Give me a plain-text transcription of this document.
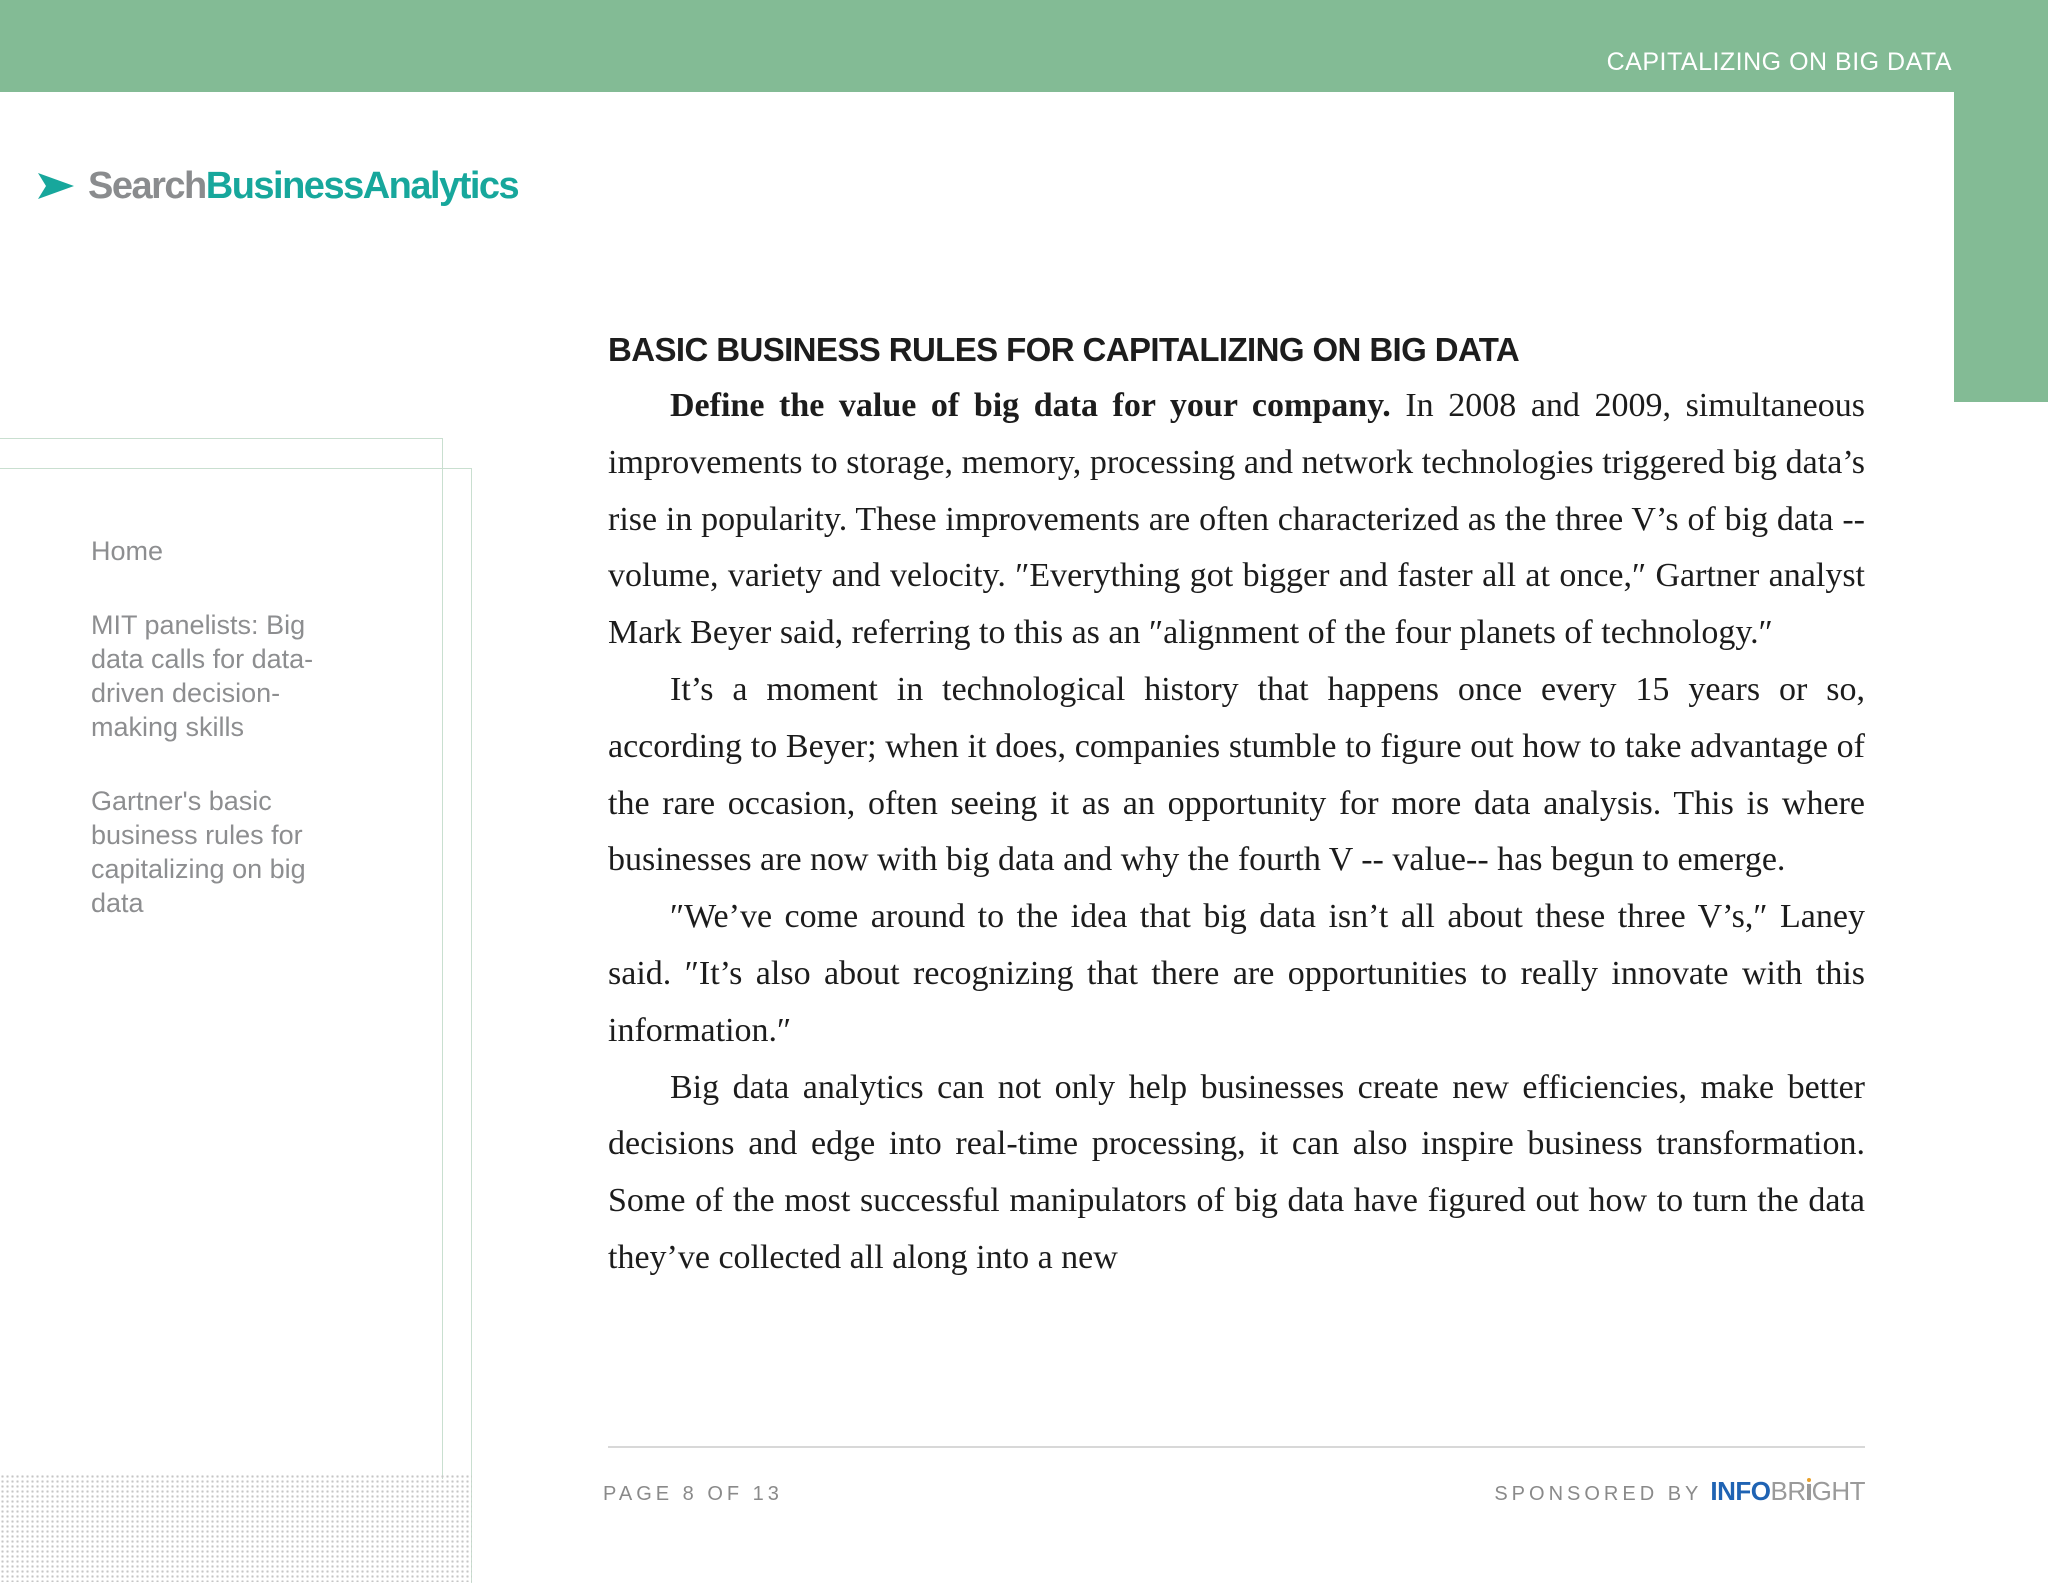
CAPITALIZING ON BIG DATA
SearchBusinessAnalytics
Home
MIT panelists: Big data calls for data-driven decision-making skills
Gartner's basic business rules for capitalizing on big data
BASIC BUSINESS RULES FOR CAPITALIZING ON BIG DATA

Define the value of big data for your company. In 2008 and 2009, simultaneous improvements to storage, memory, processing and network technologies triggered big data’s rise in popularity. These improvements are often characterized as the three V’s of big data -- volume, variety and velocity. ″Everything got bigger and faster all at once,″ Gartner analyst Mark Beyer said, referring to this as an ″alignment of the four planets of technology.″

It’s a moment in technological history that happens once every 15 years or so, according to Beyer; when it does, companies stumble to figure out how to take advantage of the rare occasion, often seeing it as an opportunity for more data analysis. This is where businesses are now with big data and why the fourth V -- value-- has begun to emerge.

″We’ve come around to the idea that big data isn’t all about these three V’s,″ Laney said. ″It’s also about recognizing that there are opportunities to really innovate with this information.″

Big data analytics can not only help businesses create new efficiencies, make better decisions and edge into real-time processing, it can also inspire business transformation. Some of the most successful manipulators of big data have figured out how to turn the data they’ve collected all along into a new

PAGE 8 OF 13	SPONSORED BY INFOBR GHT
